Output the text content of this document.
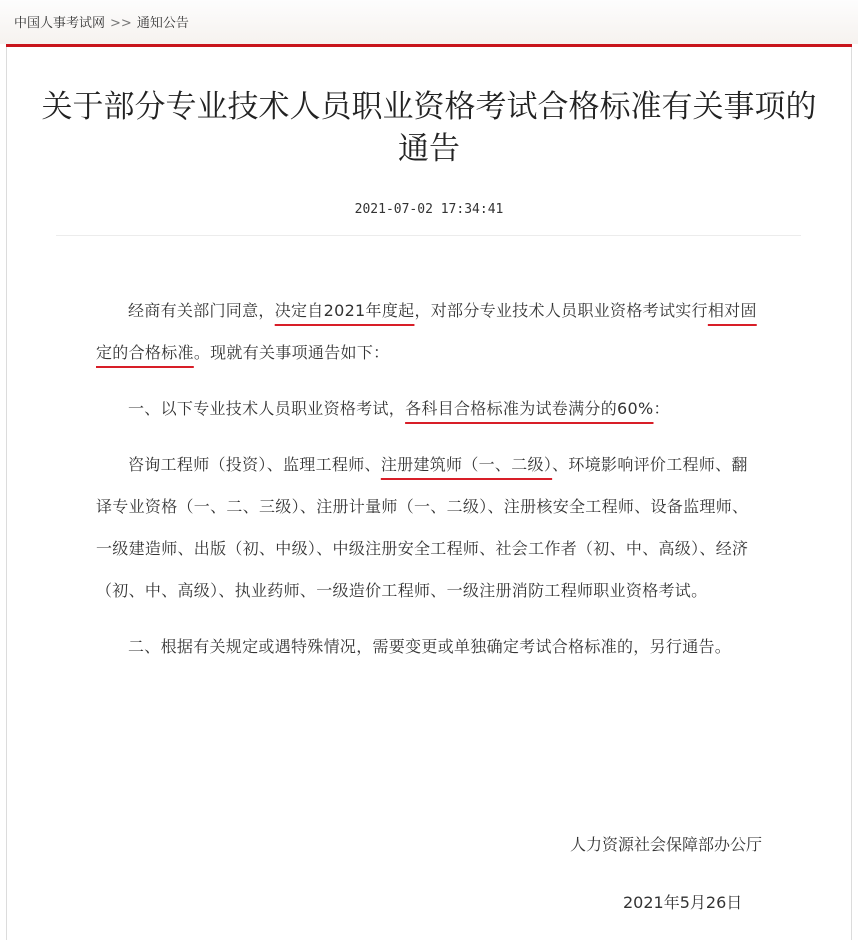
中国人事考试网 >> 通知公告
关于部分专业技术人员职业资格考试合格标准有关事项的通告
2021-07-02 17:34:41

经商有关部门同意，决定自2021年度起，对部分专业技术人员职业资格考试实行相对固定的合格标准。现就有关事项通告如下：

一、以下专业技术人员职业资格考试，各科目合格标准为试卷满分的60%：

咨询工程师（投资）、监理工程师、注册建筑师（一、二级）、环境影响评价工程师、翻译专业资格（一、二、三级）、注册计量师（一、二级）、注册核安全工程师、设备监理师、一级建造师、出版（初、中级）、中级注册安全工程师、社会工作者（初、中、高级）、经济（初、中、高级）、执业药师、一级造价工程师、一级注册消防工程师职业资格考试。

二、根据有关规定或遇特殊情况，需要变更或单独确定考试合格标准的，另行通告。

人力资源社会保障部办公厅
2021年5月26日
